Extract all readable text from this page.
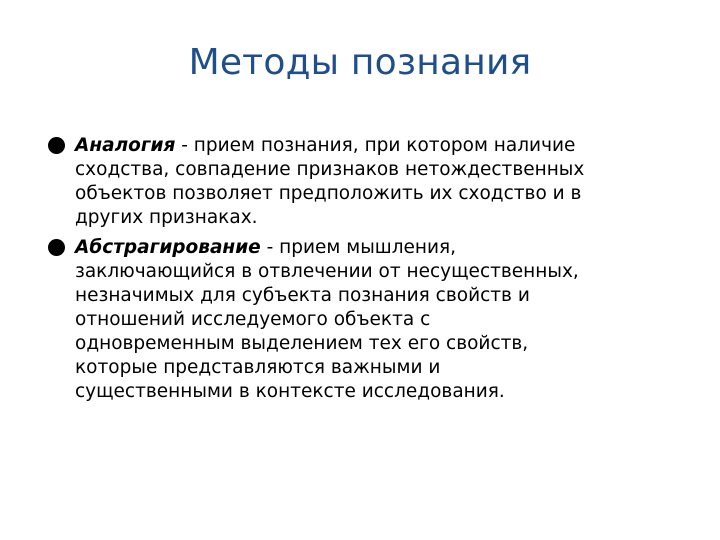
Методы познания
Аналогия - прием познания, при котором наличие
сходства, совпадение признаков нетождественных
объектов позволяет предположить их сходство и в
других признаках.
Абстрагирование - прием мышления,
заключающийся в отвлечении от несущественных,
незначимых для субъекта познания свойств и
отношений исследуемого объекта с
одновременным выделением тех его свойств,
которые представляются важными и
существенными в контексте исследования.
